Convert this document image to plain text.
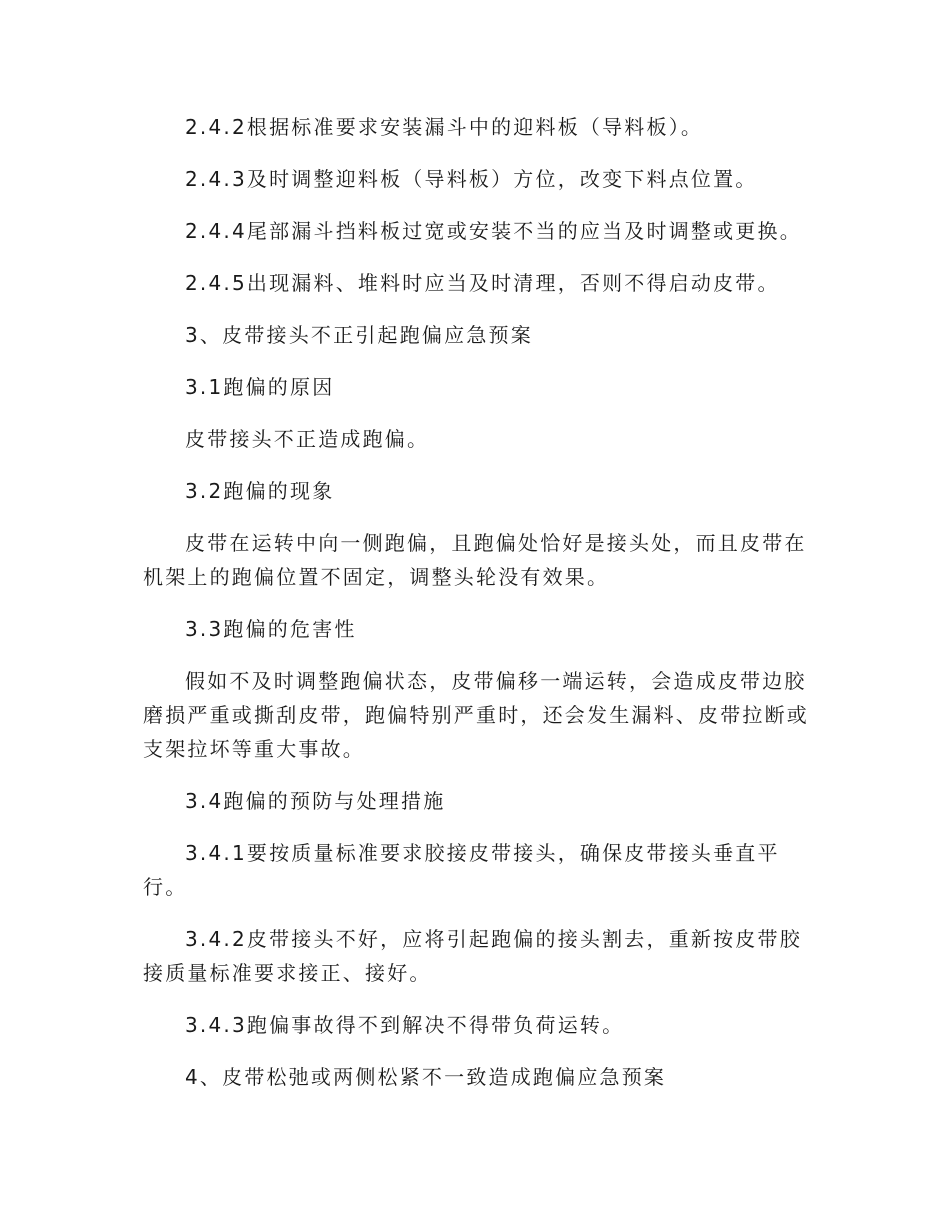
2.4.2根据标准要求安装漏斗中的迎料板（导料板）。

2.4.3及时调整迎料板（导料板）方位，改变下料点位置。

2.4.4尾部漏斗挡料板过宽或安装不当的应当及时调整或更换。

2.4.5出现漏料、堆料时应当及时清理，否则不得启动皮带。

3、皮带接头不正引起跑偏应急预案

3.1跑偏的原因

皮带接头不正造成跑偏。

3.2跑偏的现象

皮带在运转中向一侧跑偏，且跑偏处恰好是接头处，而且皮带在机架上的跑偏位置不固定，调整头轮没有效果。

3.3跑偏的危害性

假如不及时调整跑偏状态，皮带偏移一端运转，会造成皮带边胶磨损严重或撕刮皮带，跑偏特别严重时，还会发生漏料、皮带拉断或支架拉坏等重大事故。

3.4跑偏的预防与处理措施

3.4.1要按质量标准要求胶接皮带接头，确保皮带接头垂直平行。

3.4.2皮带接头不好，应将引起跑偏的接头割去，重新按皮带胶接质量标准要求接正、接好。

3.4.3跑偏事故得不到解决不得带负荷运转。

4、皮带松弛或两侧松紧不一致造成跑偏应急预案
